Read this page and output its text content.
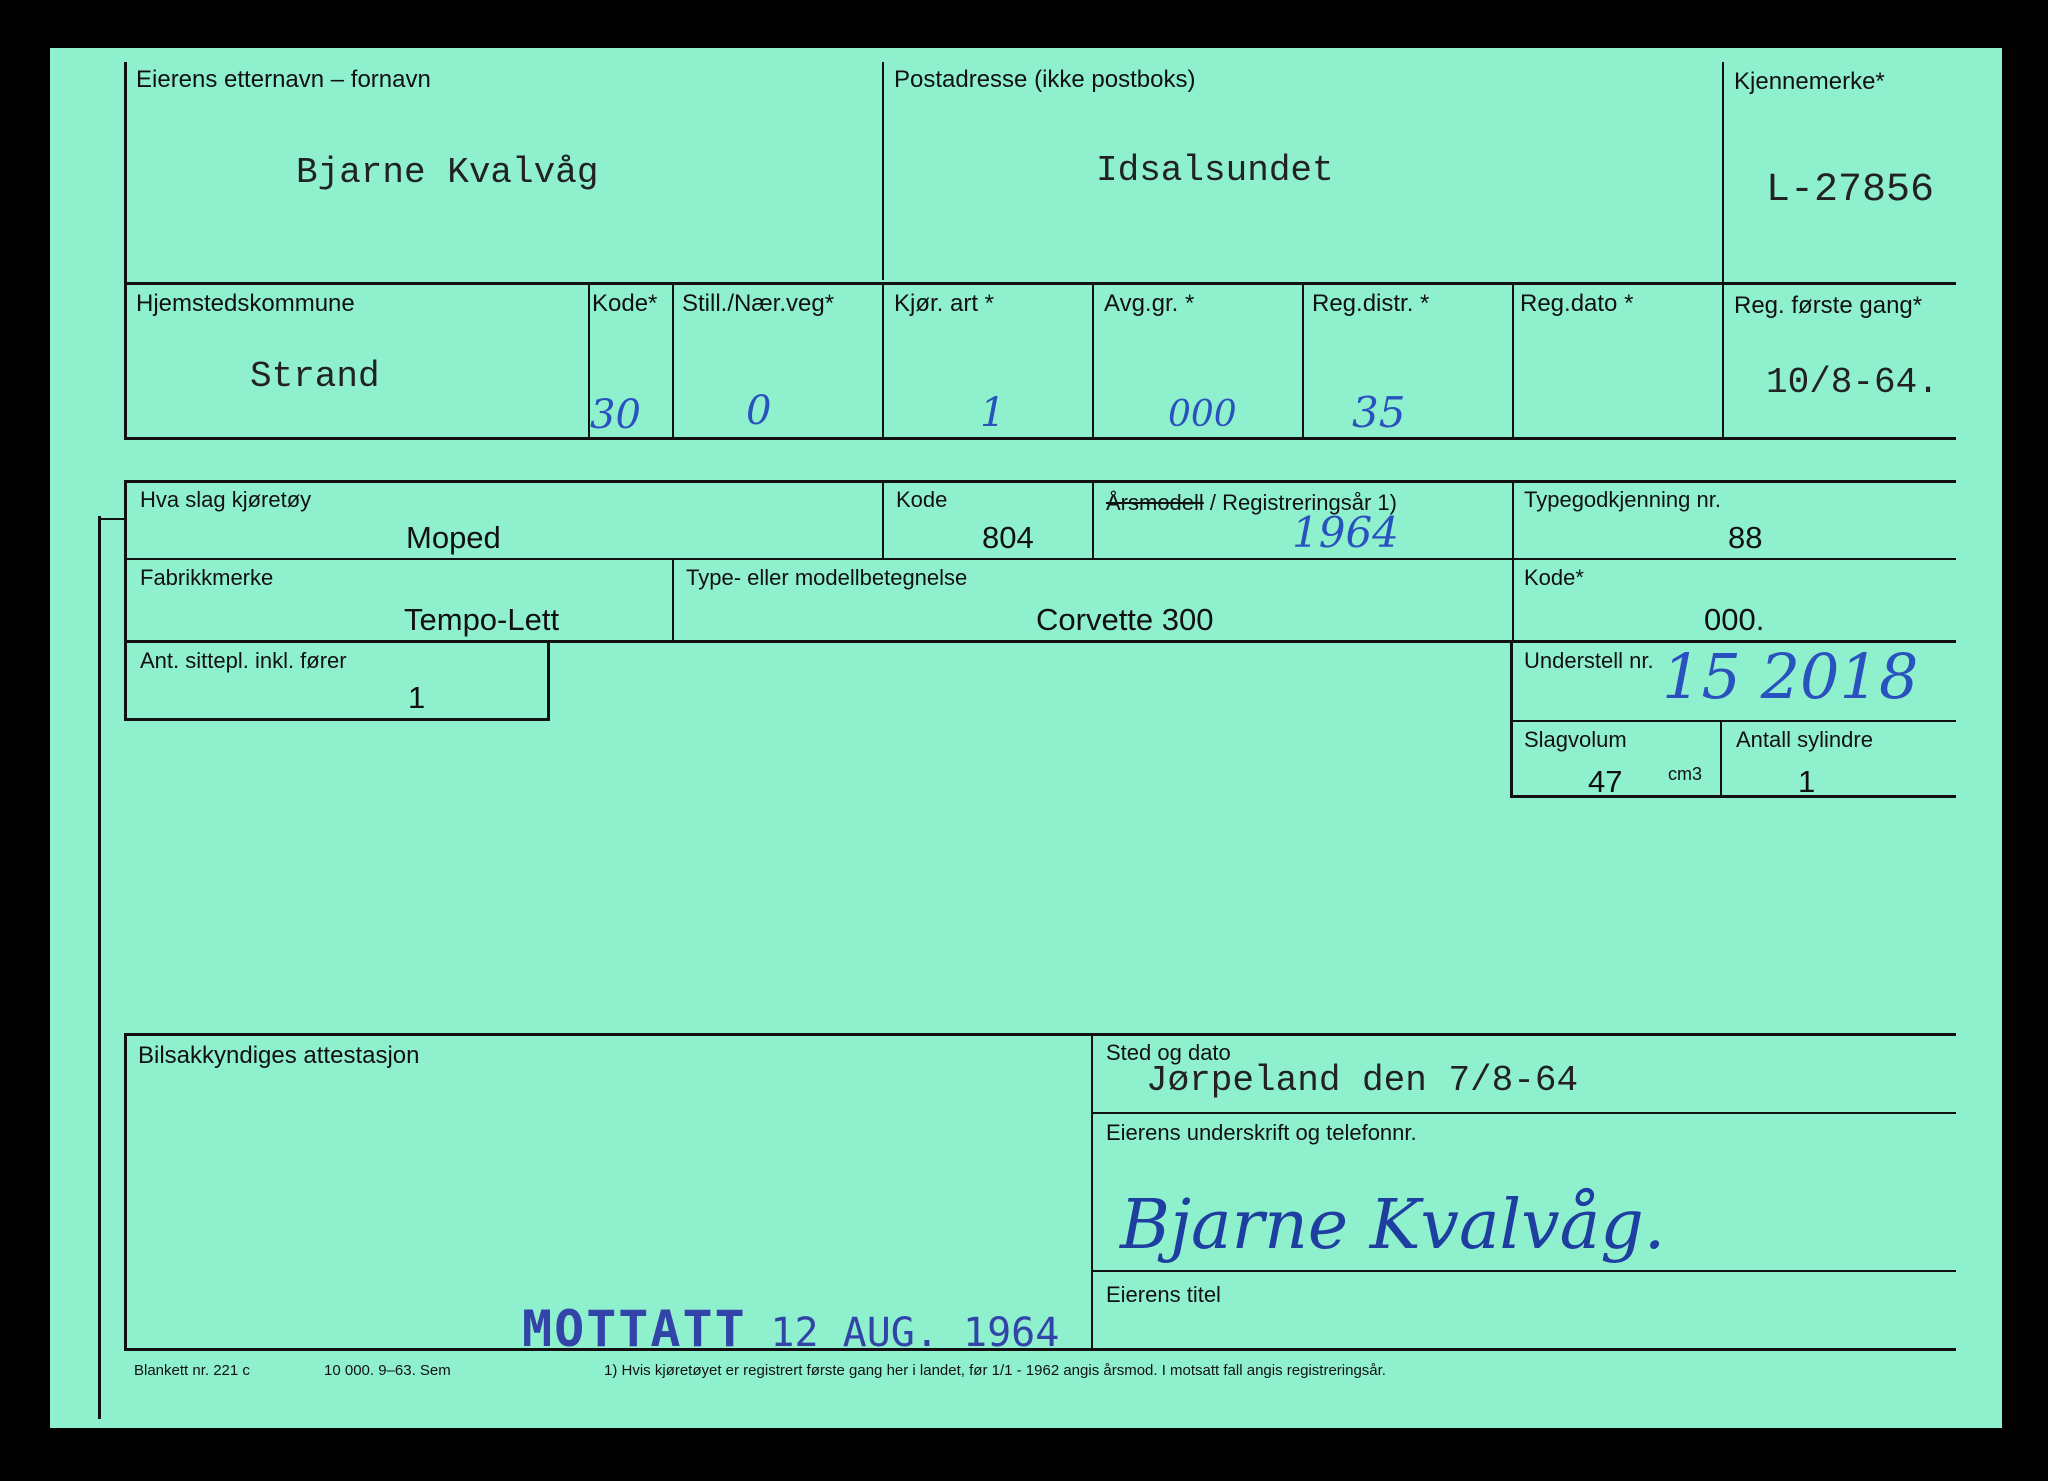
Eierens etternavn – fornavn
Bjarne Kvalvåg
Postadresse (ikke postboks)
Idsalsundet
Kjennemerke*
L-27856
Hjemstedskommune
Strand
Kode*
30
Still./Nær.veg*
0
Kjør. art *
1
Avg.gr. *
000
Reg.distr. *
35
Reg.dato *	Reg. første gang*
10/8-64.
Hva slag kjøretøy
Moped
Kode
804
Årsmodell / Registreringsår 1)
1964
Typegodkjenning nr.
88
Fabrikkmerke
Tempo-Lett
Type- eller modellbetegnelse
Corvette 300
Kode*
000.
Ant. sittepl. inkl. fører
1
Understell nr. 15 2018
Slagvolum
47	cm3
Antall sylindre
1
Bilsakkyndiges attestasjon	Sted og dato
Jørpeland den 7/8-64
Eierens underskrift og telefonnr.
Bjarne Kvalvåg.
Eierens titel
MOTTATT 12 AUG. 1964
Blankett nr. 221 c	10 000. 9–63. Sem	1) Hvis kjøretøyet er registrert første gang her i landet, før 1/1 - 1962 angis årsmod. I motsatt fall angis registreringsår.
